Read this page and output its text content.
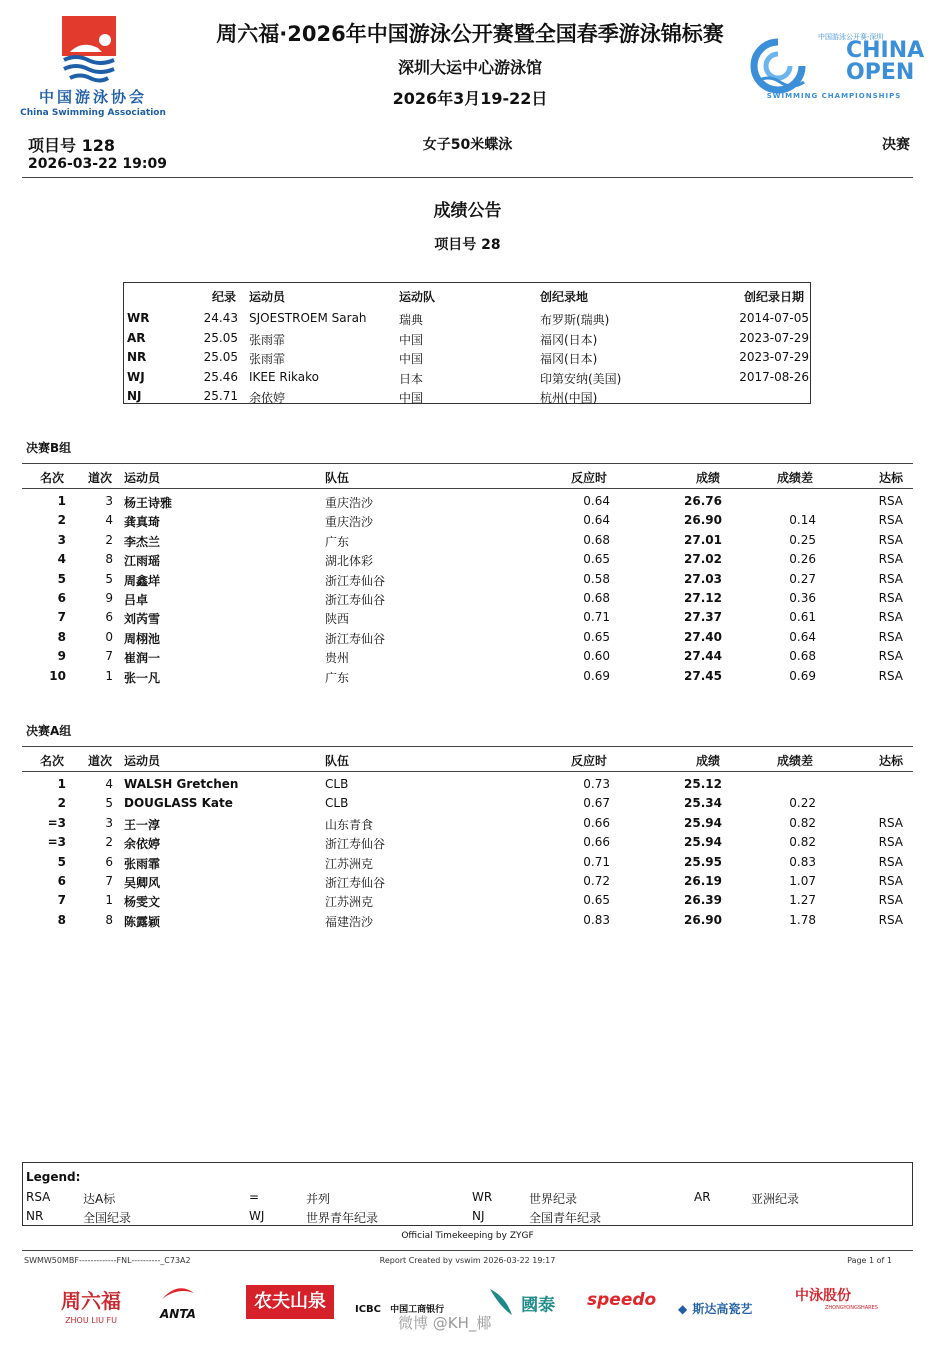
中国游泳协会
China Swimming Association
周六福·2026年中国游泳公开赛暨全国春季游泳锦标赛
深圳大运中心游泳馆
2026年3月19-22日
中国游泳公开赛·深圳
CHINA
OPEN
SWIMMING CHAMPIONSHIPS
项目号 128
2026-03-22 19:09
女子50米蝶泳	决赛
成绩公告
项目号 28
纪录 运动员	运动队	创纪录地	创纪录日期
WR	24.43 SJOESTROEM Sarah	瑞典	布罗斯(瑞典)	2014-07-05
AR	25.05 张雨霏	中国	福冈(日本)	2023-07-29
NR	25.05 张雨霏	中国	福冈(日本)	2023-07-29
WJ	25.46 IKEE Rikako	日本	印第安纳(美国)	2017-08-26
NJ	25.71 余依婷	中国	杭州(中国)
决赛B组
名次 道次 运动员	队伍	反应时	成绩	成绩差	达标
1	3 杨王诗雅	重庆浩沙	0.64	26.76	RSA
2	4 龚真琦	重庆浩沙	0.64	26.90	0.14	RSA
3	2 李杰兰	广东	0.68	27.01	0.25	RSA
4	8 江雨瑶	湖北体彩	0.65	27.02	0.26	RSA
5	5 周鑫垟	浙江寿仙谷	0.58	27.03	0.27	RSA
6	9 吕卓	浙江寿仙谷	0.68	27.12	0.36	RSA
7	6 刘芮雪	陕西	0.71	27.37	0.61	RSA
8	0 周栩池	浙江寿仙谷	0.65	27.40	0.64	RSA
9	7 崔润一	贵州	0.60	27.44	0.68	RSA
10	1 张一凡	广东	0.69	27.45	0.69	RSA
决赛A组
名次 道次 运动员	队伍	反应时	成绩	成绩差	达标
1	4 WALSH Gretchen	CLB	0.73	25.12
2	5 DOUGLASS Kate	CLB	0.67	25.34	0.22
=3	3 王一淳	山东青食	0.66	25.94	0.82	RSA
=3	2 余依婷	浙江寿仙谷	0.66	25.94	0.82	RSA
5	6 张雨霏	江苏洲克	0.71	25.95	0.83	RSA
6	7 吴卿风	浙江寿仙谷	0.72	26.19	1.07	RSA
7	1 杨雯文	江苏洲克	0.65	26.39	1.27	RSA
8	8 陈露颖	福建浩沙	0.83	26.90	1.78	RSA
Legend:
RSA	达A标	=	并列	WR	世界纪录	AR	亚洲纪录
NR	全国纪录	WJ	世界青年纪录	NJ	全国青年纪录
Official Timekeeping by ZYGF
SWMW50MBF-------------FNL----------_C73A2	Report Created by vswim 2026-03-22 19:17	Page 1 of 1
周六福
ZHOU LIU FU	ANTA
农夫山泉	ICBC 中国工商银行	國泰	speedo ◆ 斯达高瓷艺
中泳股份
ZHONGYONGSHARES
微博 @KH_椰
